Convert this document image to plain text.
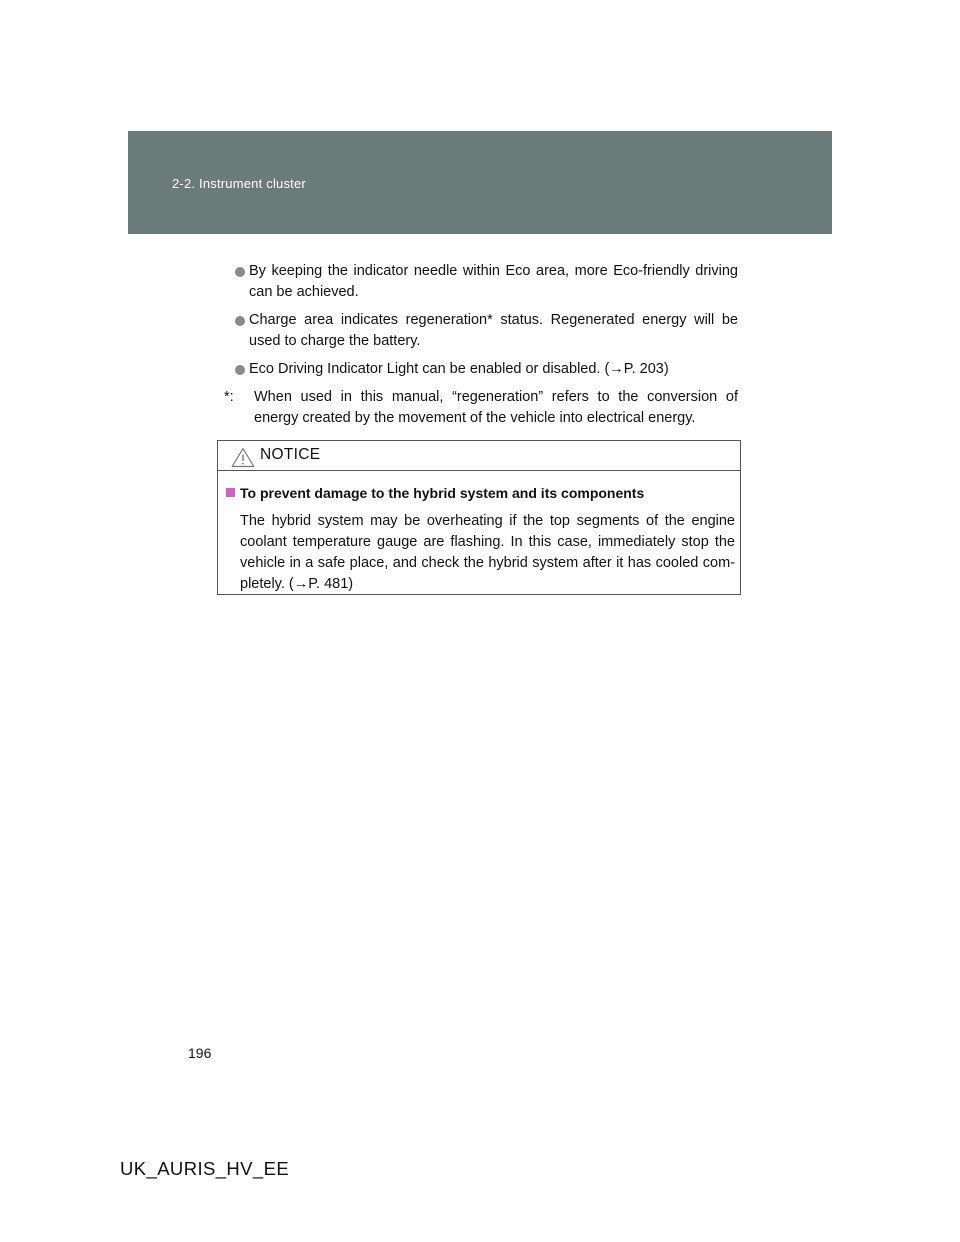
2-2. Instrument cluster
By keeping the indicator needle within Eco area, more Eco-friendly driving can be achieved.
Charge area indicates regeneration* status. Regenerated energy will be used to charge the battery.
Eco Driving Indicator Light can be enabled or disabled. (→P. 203)
*: When used in this manual, “regeneration” refers to the conversion of energy created by the movement of the vehicle into electrical energy.
NOTICE
To prevent damage to the hybrid system and its components
The hybrid system may be overheating if the top segments of the engine coolant temperature gauge are flashing. In this case, immediately stop the vehicle in a safe place, and check the hybrid system after it has cooled completely. (→P. 481)
196
UK_AURIS_HV_EE
